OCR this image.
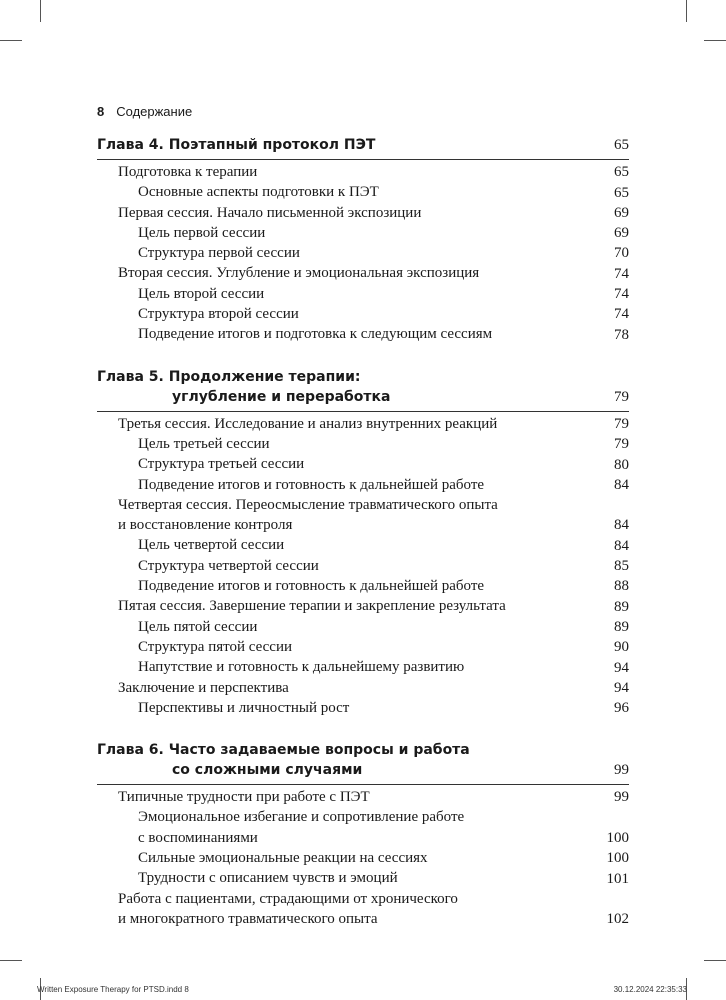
8 Содержание
Глава 4. Поэтапный протокол ПЭТ	65
Подготовка к терапии	65
Основные аспекты подготовки к ПЭТ	65
Первая сессия. Начало письменной экспозиции	69
Цель первой сессии	69
Структура первой сессии	70
Вторая сессия. Углубление и эмоциональная экспозиция	74
Цель второй сессии	74
Структура второй сессии	74
Подведение итогов и подготовка к следующим сессиям	78
Глава 5. Продолжение терапии:
углубление и переработка	79
Третья сессия. Исследование и анализ внутренних реакций	79
Цель третьей сессии	79
Структура третьей сессии	80
Подведение итогов и готовность к дальнейшей работе	84
Четвертая сессия. Переосмысление травматического опыта
и восстановление контроля	84
Цель четвертой сессии	84
Структура четвертой сессии	85
Подведение итогов и готовность к дальнейшей работе	88
Пятая сессия. Завершение терапии и закрепление результата	89
Цель пятой сессии	89
Структура пятой сессии	90
Напутствие и готовность к дальнейшему развитию	94
Заключение и перспектива	94
Перспективы и личностный рост	96
Глава 6. Часто задаваемые вопросы и работа
со сложными случаями	99
Типичные трудности при работе с ПЭТ	99
Эмоциональное избегание и сопротивление работе
с воспоминаниями	100
Сильные эмоциональные реакции на сессиях	100
Трудности с описанием чувств и эмоций	101
Работа с пациентами, страдающими от хронического
и многократного травматического опыта	102
Written Exposure Therapy for PTSD.indd 8	30.12.2024 22:35:33
